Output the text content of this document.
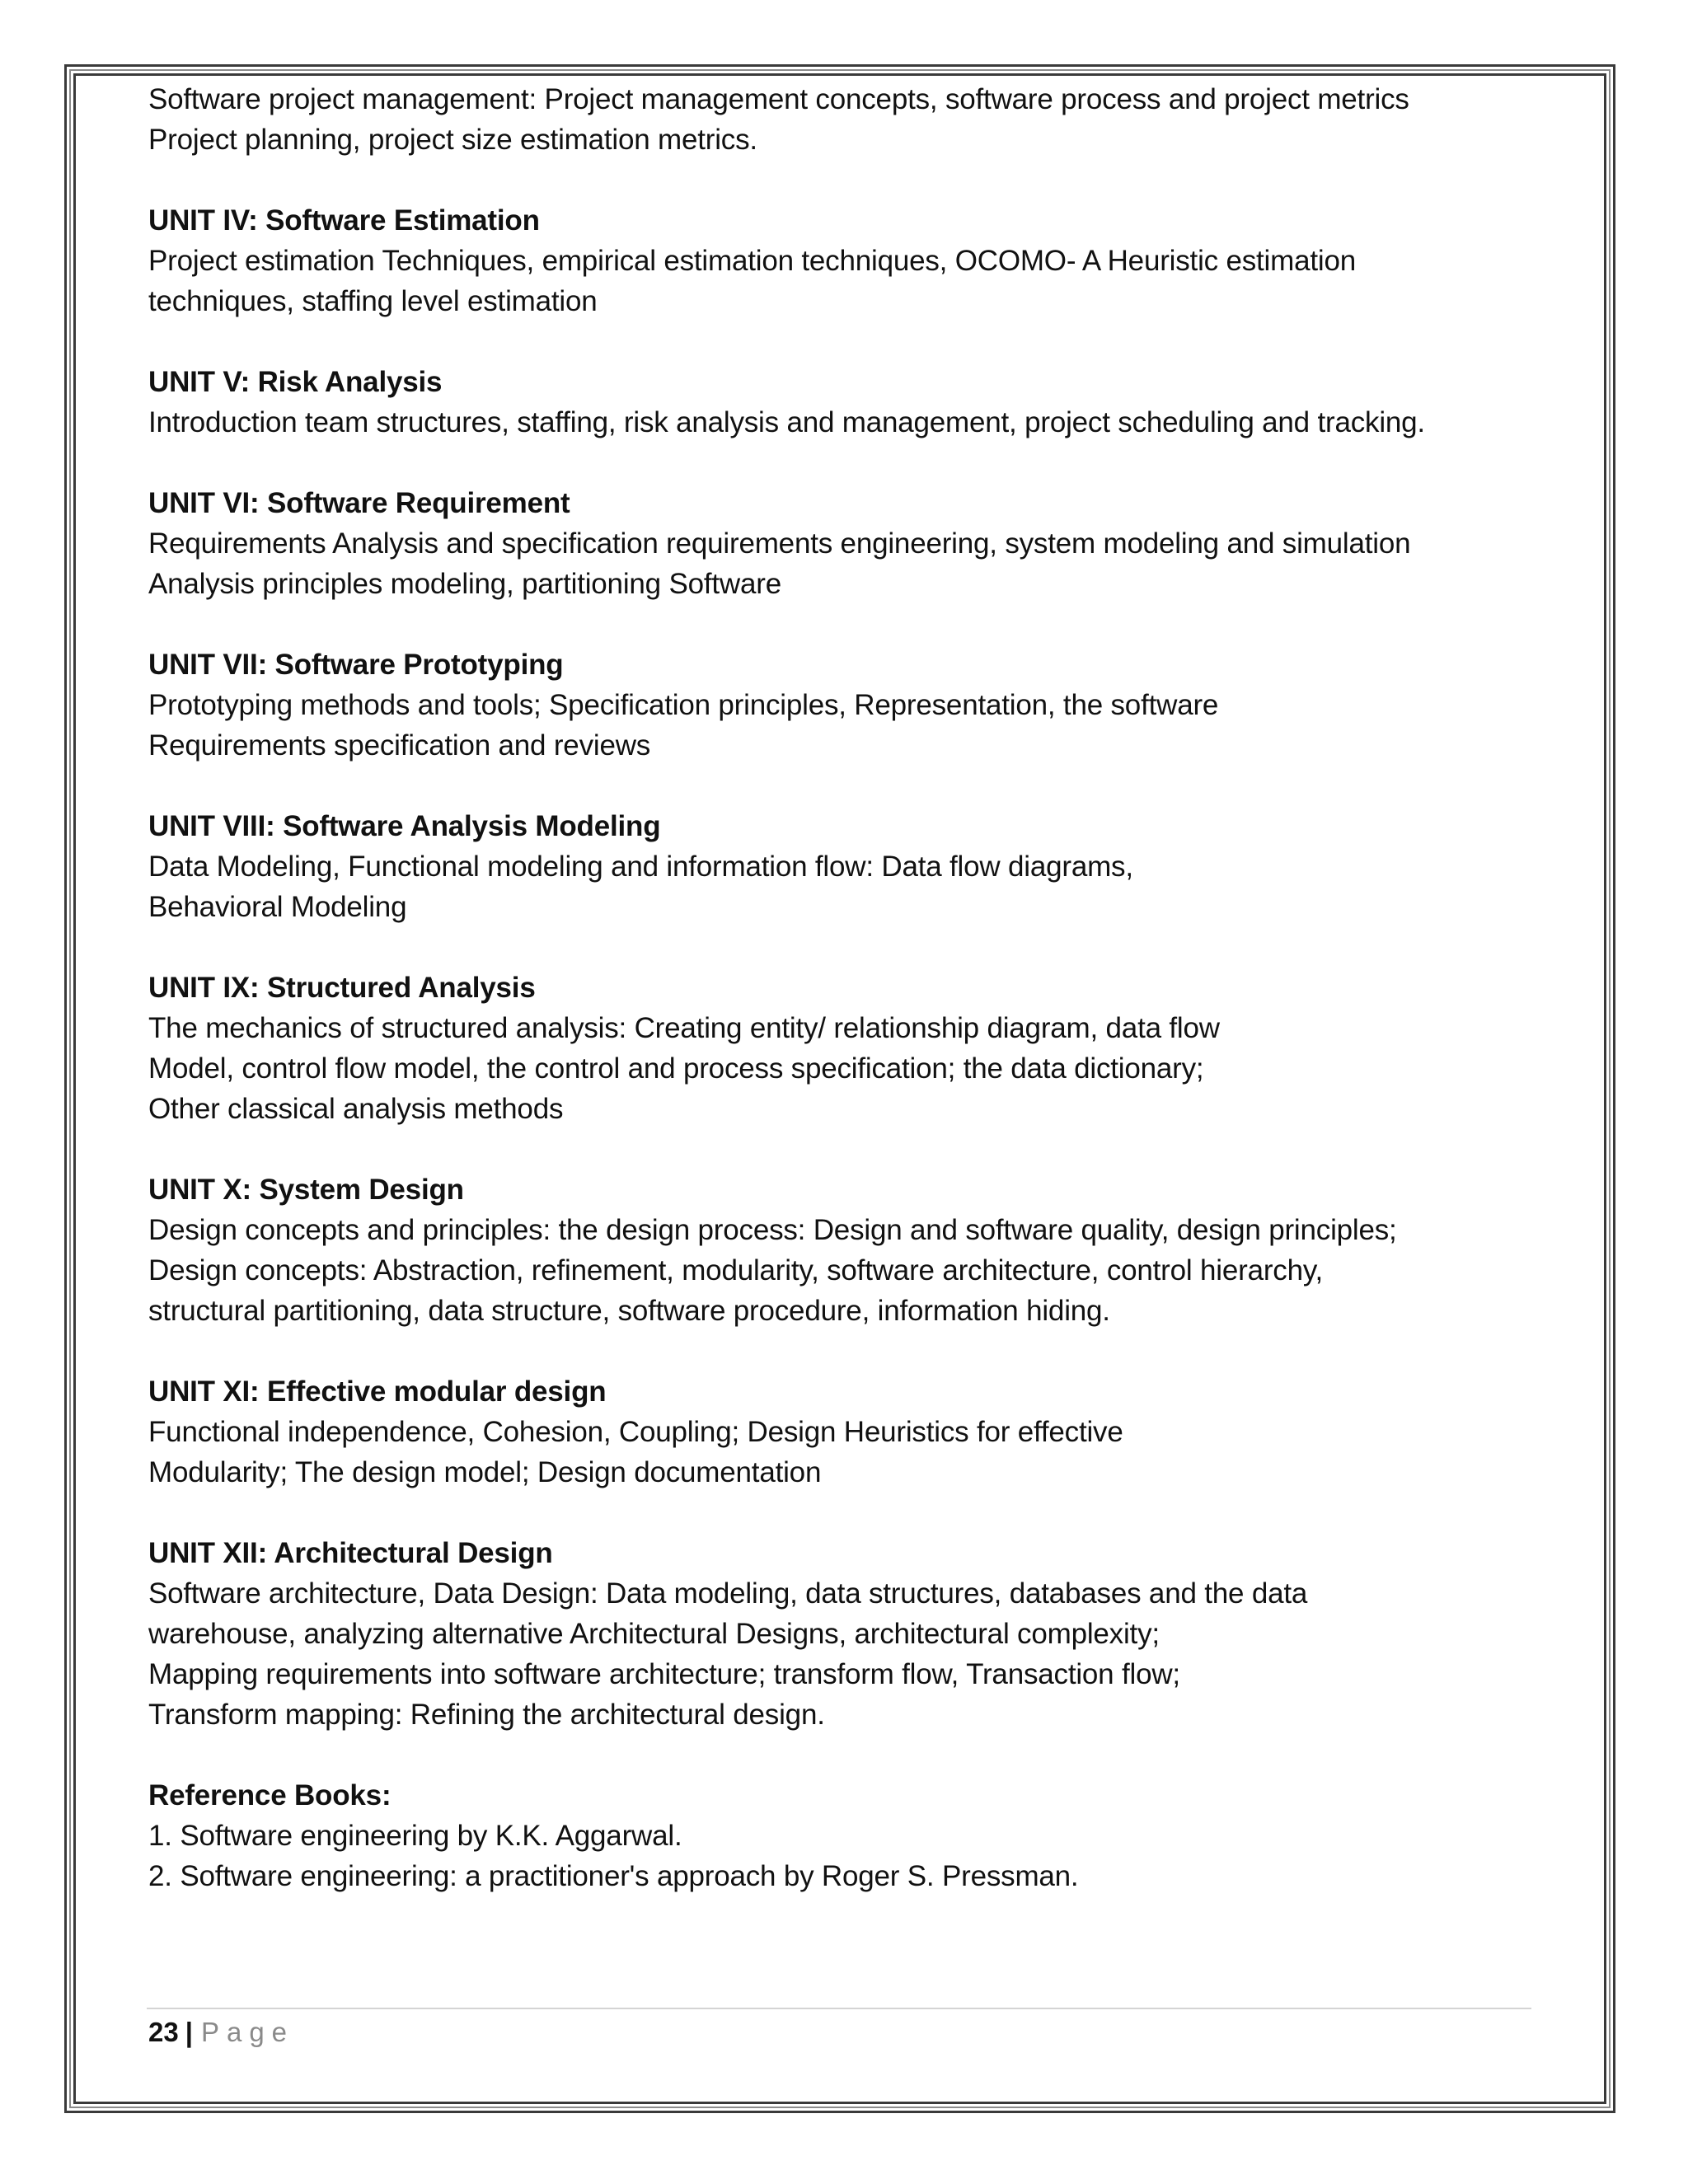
Software project management: Project management concepts, software process and project metrics

Project planning, project size estimation metrics.

UNIT IV: Software Estimation

Project estimation Techniques, empirical estimation techniques, OCOMO- A Heuristic estimation

techniques, staffing level estimation

UNIT V: Risk Analysis

Introduction team structures, staffing, risk analysis and management, project scheduling and tracking.

UNIT VI: Software Requirement

Requirements Analysis and specification requirements engineering, system modeling and simulation

Analysis principles modeling, partitioning Software

UNIT VII: Software Prototyping

Prototyping methods and tools; Specification principles, Representation, the software

Requirements specification and reviews

UNIT VIII: Software Analysis Modeling

Data Modeling, Functional modeling and information flow: Data flow diagrams,

Behavioral Modeling

UNIT IX: Structured Analysis

The mechanics of structured analysis: Creating entity/ relationship diagram, data flow

Model, control flow model, the control and process specification; the data dictionary;

Other classical analysis methods

UNIT X: System Design

Design concepts and principles: the design process: Design and software quality, design principles;

Design concepts: Abstraction, refinement, modularity, software architecture, control hierarchy,

structural partitioning, data structure, software procedure, information hiding.

UNIT XI: Effective modular design

Functional independence, Cohesion, Coupling; Design Heuristics for effective

Modularity; The design model; Design documentation

UNIT XII: Architectural Design

Software architecture, Data Design: Data modeling, data structures, databases and the data

warehouse, analyzing alternative Architectural Designs, architectural complexity;

Mapping requirements into software architecture; transform flow, Transaction flow;

Transform mapping: Refining the architectural design.

Reference Books:

1. Software engineering by K.K. Aggarwal.

2. Software engineering: a practitioner's approach by Roger S. Pressman.

23 | Page
